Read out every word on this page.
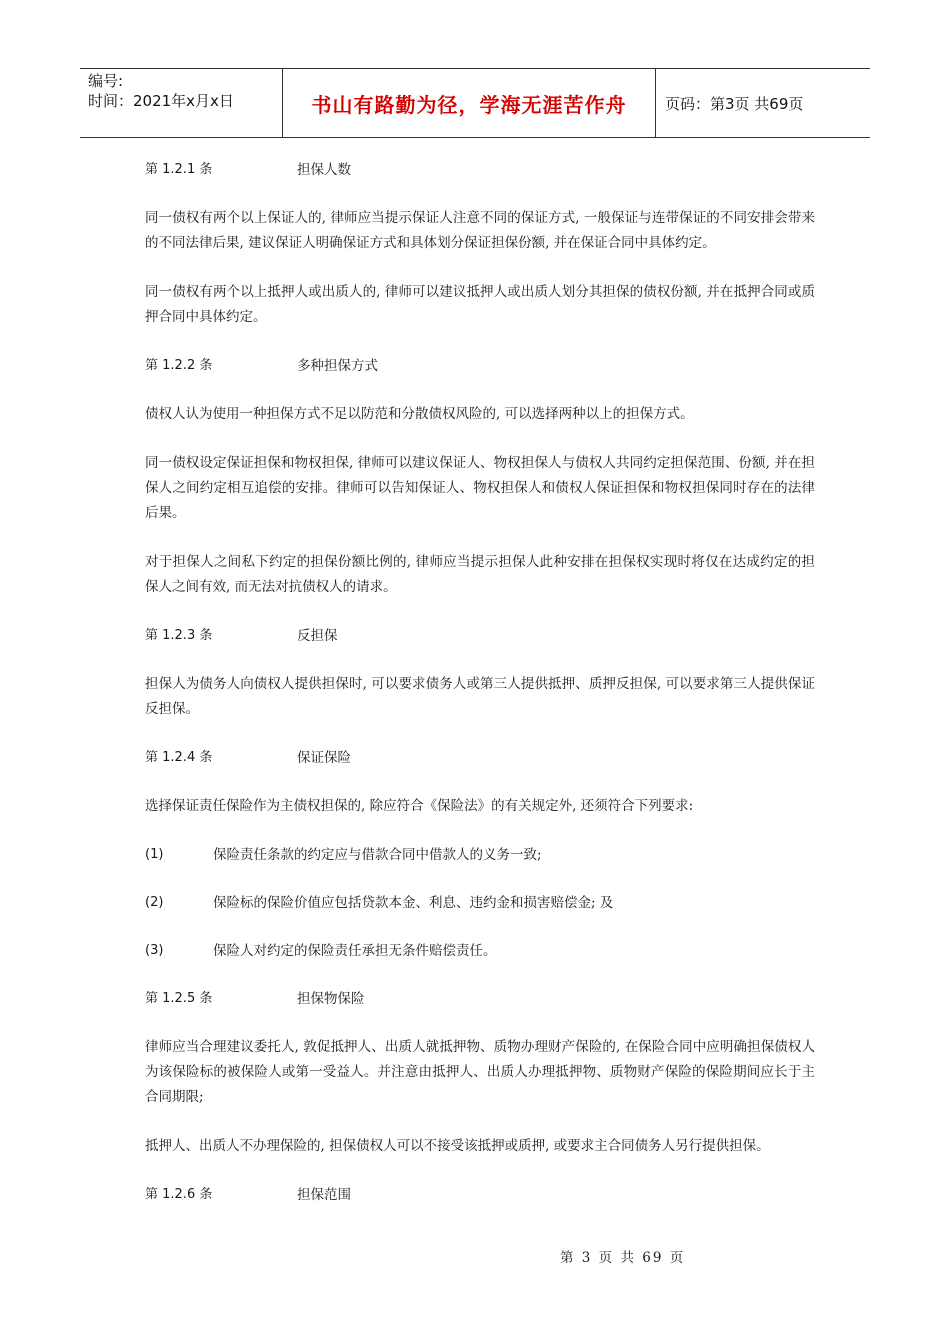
编号:
时间：2021年x月x日	书山有路勤为径，学海无涯苦作舟	页码：第3页 共69页
第 1.2.1 条	担保人数

同一债权有两个以上保证人的, 律师应当提示保证人注意不同的保证方式, 一般保证与连带保证的不同安排会带来的不同法律后果, 建议保证人明确保证方式和具体划分保证担保份额, 并在保证合同中具体约定。

同一债权有两个以上抵押人或出质人的, 律师可以建议抵押人或出质人划分其担保的债权份额, 并在抵押合同或质押合同中具体约定。

第 1.2.2 条	多种担保方式

债权人认为使用一种担保方式不足以防范和分散债权风险的, 可以选择两种以上的担保方式。

同一债权设定保证担保和物权担保, 律师可以建议保证人、物权担保人与债权人共同约定担保范围、份额, 并在担保人之间约定相互追偿的安排。律师可以告知保证人、物权担保人和债权人保证担保和物权担保同时存在的法律后果。

对于担保人之间私下约定的担保份额比例的, 律师应当提示担保人此种安排在担保权实现时将仅在达成约定的担保人之间有效, 而无法对抗债权人的请求。

第 1.2.3 条	反担保

担保人为债务人向债权人提供担保时, 可以要求债务人或第三人提供抵押、质押反担保, 可以要求第三人提供保证反担保。

第 1.2.4 条	保证保险

选择保证责任保险作为主债权担保的, 除应符合《保险法》的有关规定外, 还须符合下列要求:

(1)	保险责任条款的约定应与借款合同中借款人的义务一致;
(2)	保险标的保险价值应包括贷款本金、利息、违约金和损害赔偿金; 及
(3)	保险人对约定的保险责任承担无条件赔偿责任。
第 1.2.5 条	担保物保险

律师应当合理建议委托人, 敦促抵押人、出质人就抵押物、质物办理财产保险的, 在保险合同中应明确担保债权人为该保险标的被保险人或第一受益人。并注意由抵押人、出质人办理抵押物、质物财产保险的保险期间应长于主合同期限;

抵押人、出质人不办理保险的, 担保债权人可以不接受该抵押或质押, 或要求主合同债务人另行提供担保。

第 1.2.6 条	担保范围
第 3 页 共 69 页
